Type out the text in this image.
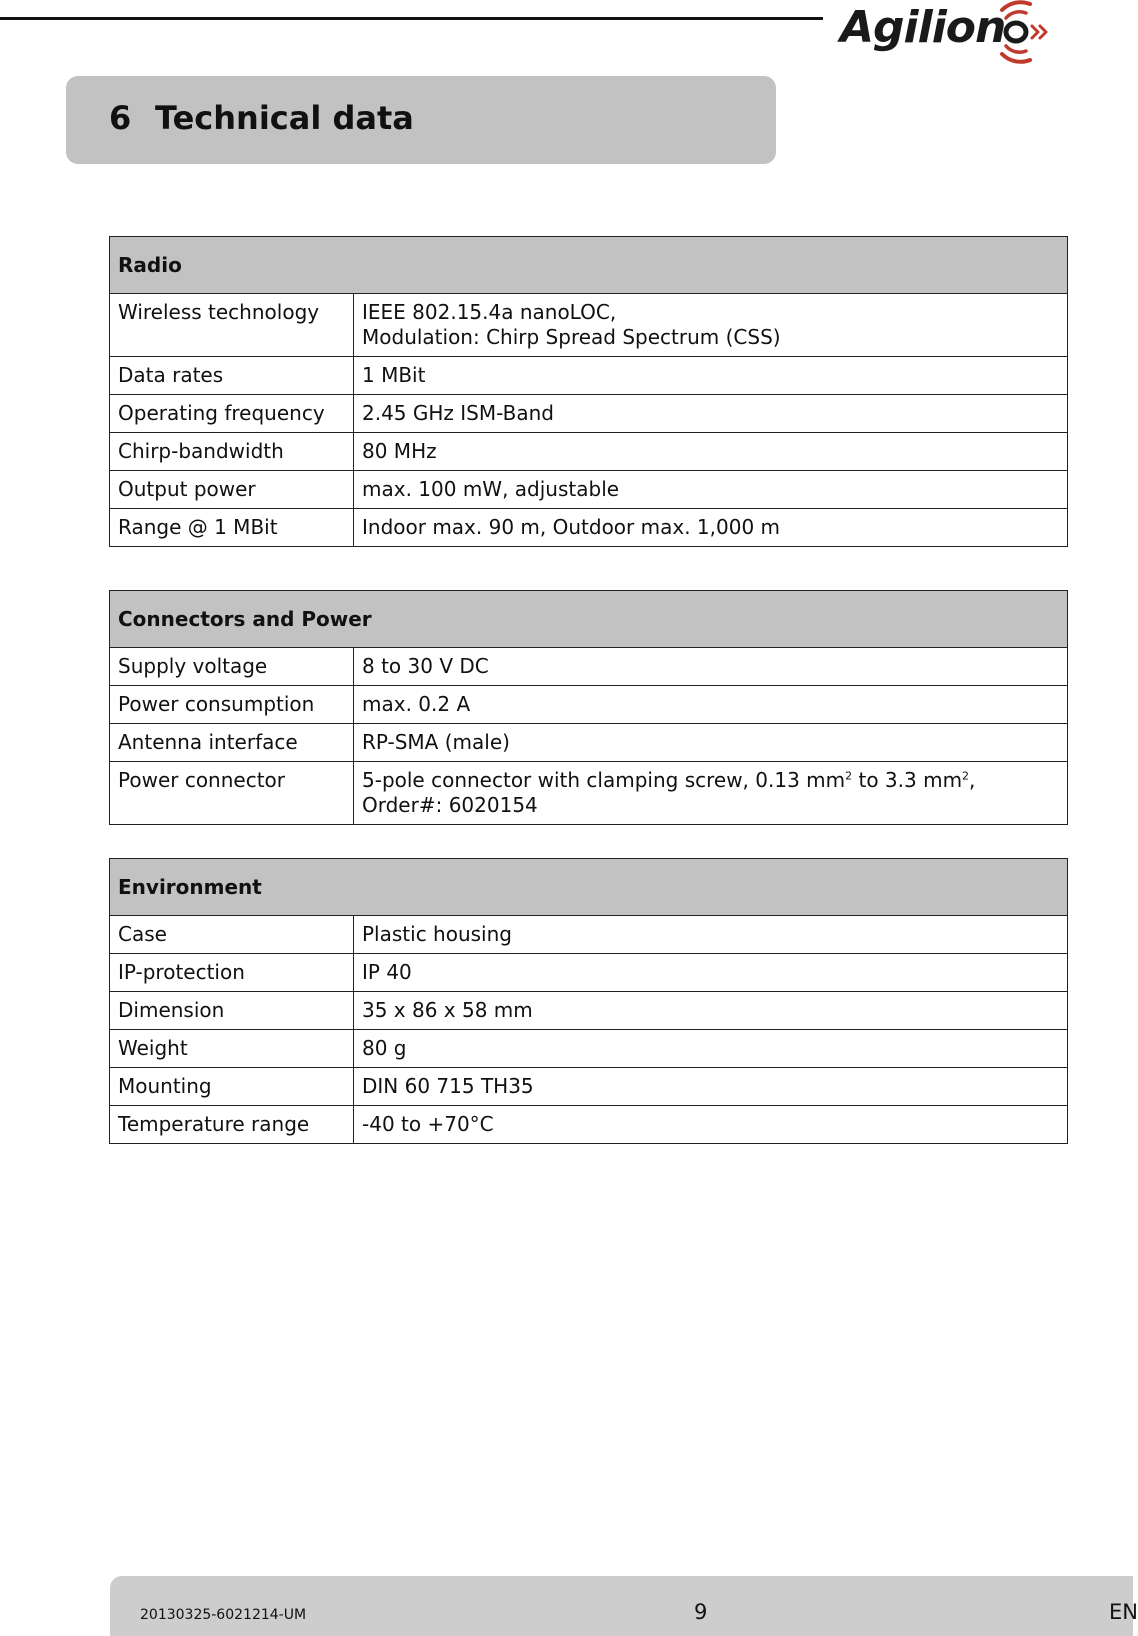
Agilion
6 Technical data
Radio	
Wireless technology	IEEE 802.15.4a nanoLOC,
Modulation: Chirp Spread Spectrum (CSS)

Data rates	1 MBit
Operating frequency	2.45 GHz ISM-Band
Chirp-bandwidth	80 MHz
Output power	max. 100 mW, adjustable
Range @ 1 MBit	Indoor max. 90 m, Outdoor max. 1,000 m
Connectors and Power	
Supply voltage	8 to 30 V DC
Power consumption	max. 0.2 A
Antenna interface	RP-SMA (male)
Power connector	5-pole connector with clamping screw, 0.13 $mm^2$ to 3.3 $mm^2$,
Order#: 6020154
Environment	
Case	Plastic housing
IP-protection	IP 40
Dimension	35 x 86 x 58 mm
Weight	80 g
Mounting	DIN 60 715 TH35
Temperature range	-40 to +70°C
20130325-6021214-UM	9	EN
